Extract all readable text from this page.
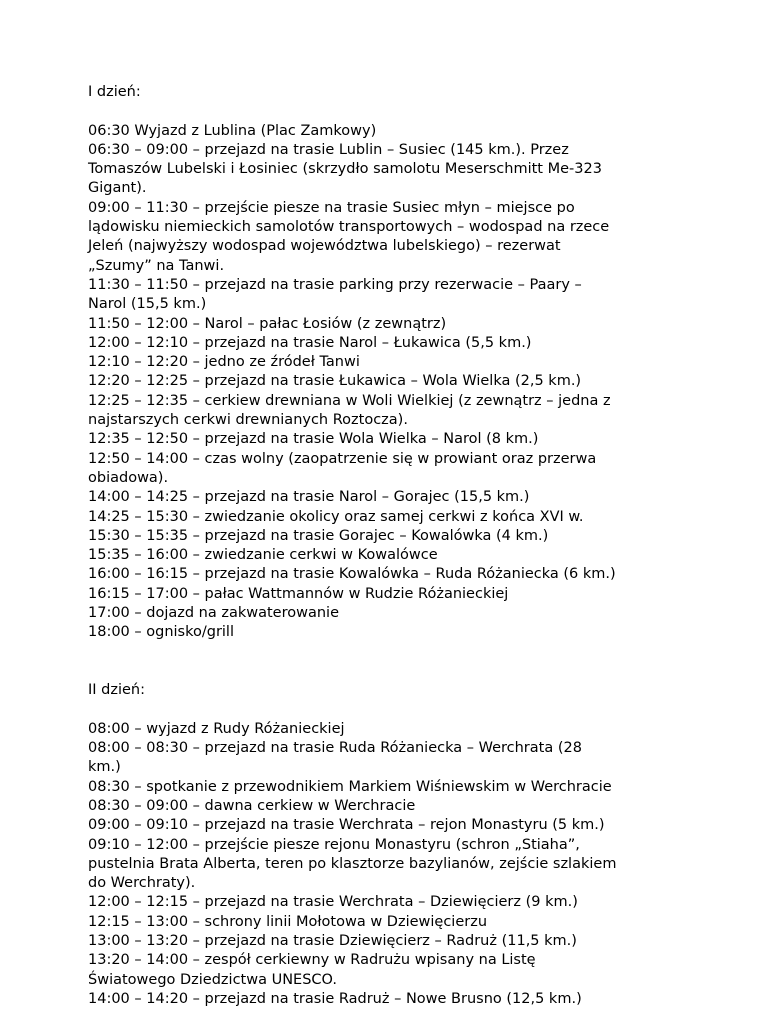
I dzień:
06:30 Wyjazd z Lublina (Plac Zamkowy)
06:30 – 09:00 – przejazd na trasie Lublin – Susiec (145 km.). Przez
Tomaszów Lubelski i Łosiniec (skrzydło samolotu Meserschmitt Me-323
Gigant).
09:00 – 11:30 – przejście piesze na trasie Susiec młyn – miejsce po
lądowisku niemieckich samolotów transportowych – wodospad na rzece
Jeleń (najwyższy wodospad województwa lubelskiego) – rezerwat
„Szumy” na Tanwi.
11:30 – 11:50 – przejazd na trasie parking przy rezerwacie – Paary –
Narol (15,5 km.)
11:50 – 12:00 – Narol – pałac Łosiów (z zewnątrz)
12:00 – 12:10 – przejazd na trasie Narol – Łukawica (5,5 km.)
12:10 – 12:20 – jedno ze źródeł Tanwi
12:20 – 12:25 – przejazd na trasie Łukawica – Wola Wielka (2,5 km.)
12:25 – 12:35 – cerkiew drewniana w Woli Wielkiej (z zewnątrz – jedna z
najstarszych cerkwi drewnianych Roztocza).
12:35 – 12:50 – przejazd na trasie Wola Wielka – Narol (8 km.)
12:50 – 14:00 – czas wolny (zaopatrzenie się w prowiant oraz przerwa
obiadowa).
14:00 – 14:25 – przejazd na trasie Narol – Gorajec (15,5 km.)
14:25 – 15:30 – zwiedzanie okolicy oraz samej cerkwi z końca XVI w.
15:30 – 15:35 – przejazd na trasie Gorajec – Kowalówka (4 km.)
15:35 – 16:00 – zwiedzanie cerkwi w Kowalówce
16:00 – 16:15 – przejazd na trasie Kowalówka – Ruda Różaniecka (6 km.)
16:15 – 17:00 – pałac Wattmannów w Rudzie Różanieckiej
17:00 – dojazd na zakwaterowanie
18:00 – ognisko/grill
II dzień:
08:00 – wyjazd z Rudy Różanieckiej
08:00 – 08:30 – przejazd na trasie Ruda Różaniecka – Werchrata (28
km.)
08:30 – spotkanie z przewodnikiem Markiem Wiśniewskim w Werchracie
08:30 – 09:00 – dawna cerkiew w Werchracie
09:00 – 09:10 – przejazd na trasie Werchrata – rejon Monastyru (5 km.)
09:10 – 12:00 – przejście piesze rejonu Monastyru (schron „Stiaha”,
pustelnia Brata Alberta, teren po klasztorze bazylianów, zejście szlakiem
do Werchraty).
12:00 – 12:15 – przejazd na trasie Werchrata – Dziewięcierz (9 km.)
12:15 – 13:00 – schrony linii Mołotowa w Dziewięcierzu
13:00 – 13:20 – przejazd na trasie Dziewięcierz – Radruż (11,5 km.)
13:20 – 14:00 – zespół cerkiewny w Radrużu wpisany na Listę
Światowego Dziedzictwa UNESCO.
14:00 – 14:20 – przejazd na trasie Radruż – Nowe Brusno (12,5 km.)
